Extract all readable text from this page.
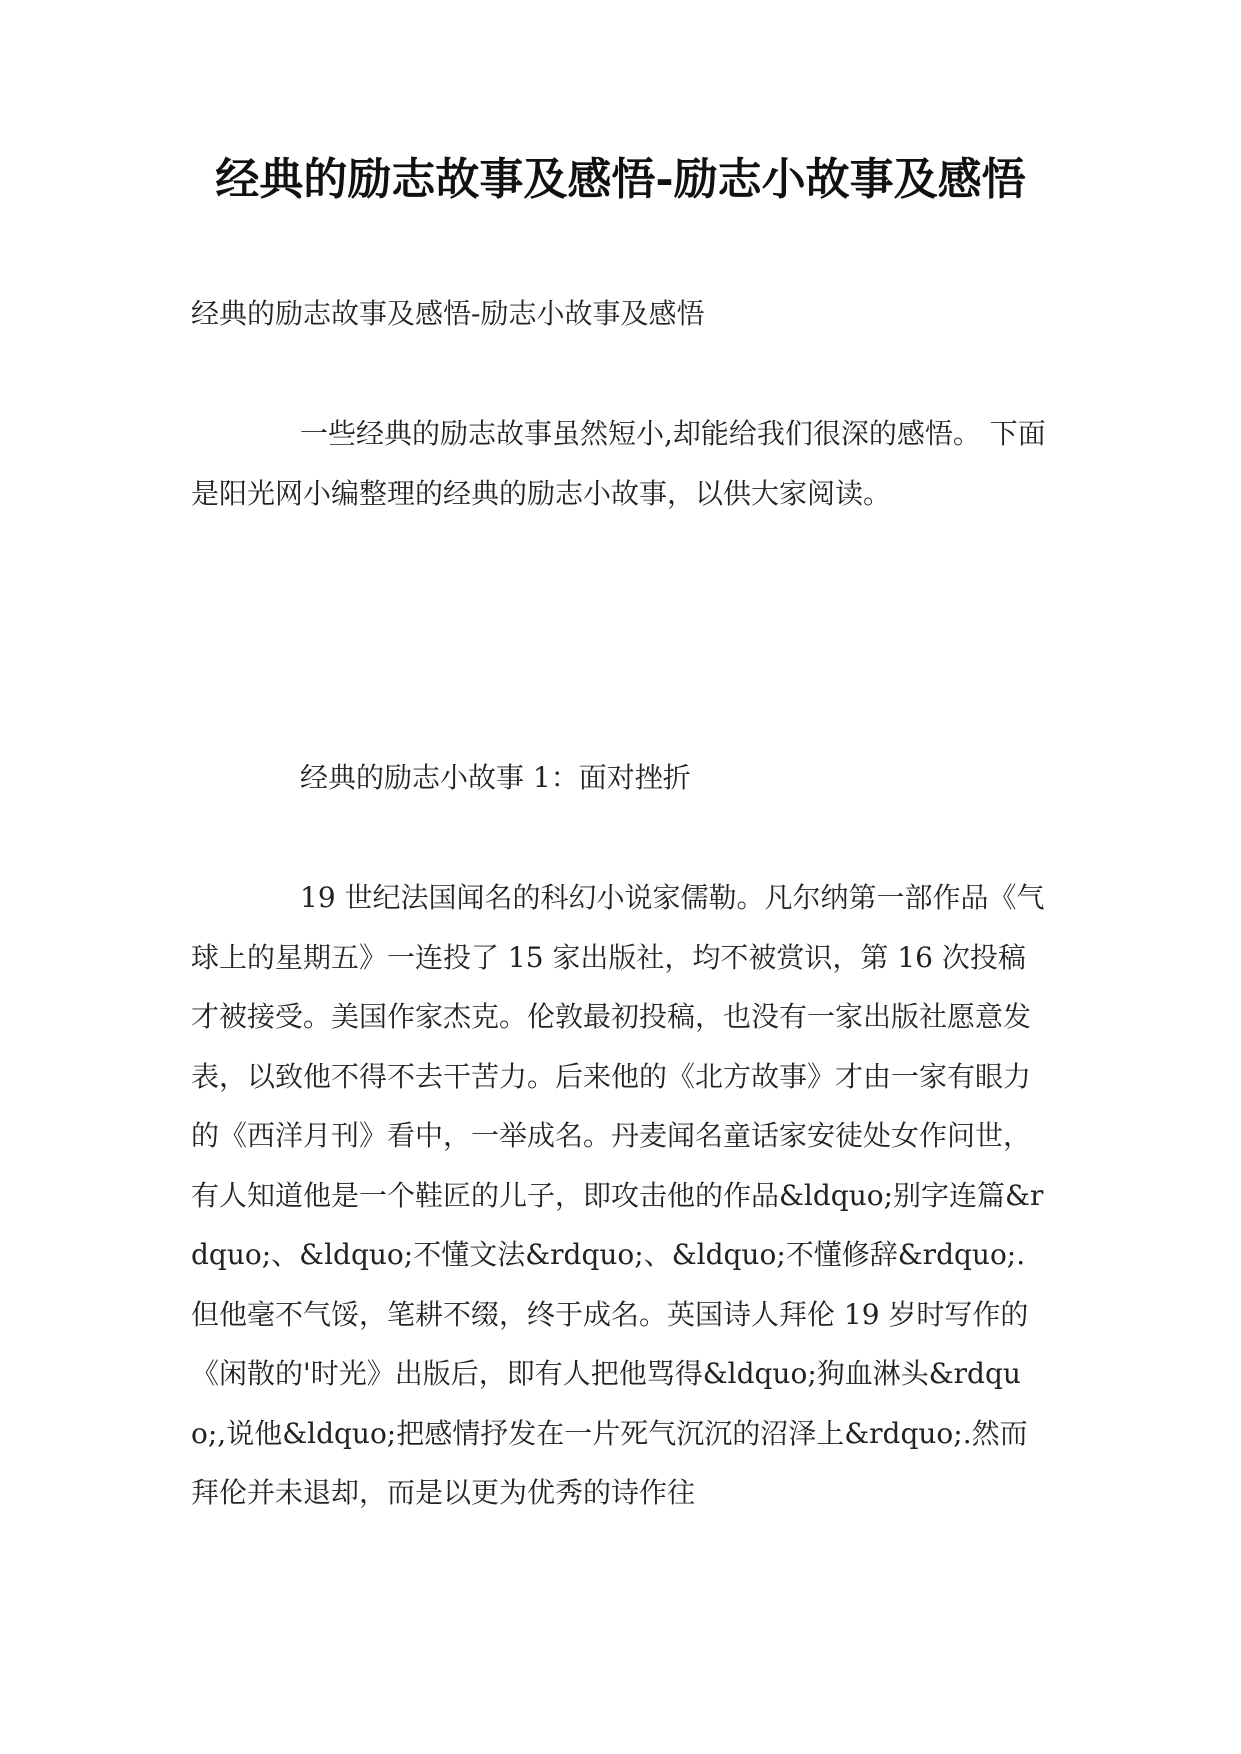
经典的励志故事及感悟-励志小故事及感悟
经典的励志故事及感悟-励志小故事及感悟

一些经典的励志故事虽然短小,却能给我们很深的感悟。 下面是阳光网小编整理的经典的励志小故事，以供大家阅读。

经典的励志小故事 1：面对挫折

19 世纪法国闻名的科幻小说家儒勒。凡尔纳第一部作品《气球上的星期五》一连投了 15 家出版社，均不被赏识，第 16 次投稿才被接受。美国作家杰克。伦敦最初投稿，也没有一家出版社愿意发表，以致他不得不去干苦力。后来他的《北方故事》才由一家有眼力的《西洋月刊》看中，一举成名。丹麦闻名童话家安徒处女作问世，有人知道他是一个鞋匠的儿子，即攻击他的作品&ldquo;别字连篇&rdquo;、&ldquo;不懂文法&rdquo;、&ldquo;不懂修辞&rdquo;.但他毫不气馁，笔耕不缀，终于成名。英国诗人拜伦 19 岁时写作的《闲散的'时光》出版后，即有人把他骂得&ldquo;狗血淋头&rdquo;,说他&ldquo;把感情抒发在一片死气沉沉的沼泽上&rdquo;.然而拜伦并未退却，而是以更为优秀的诗作往
